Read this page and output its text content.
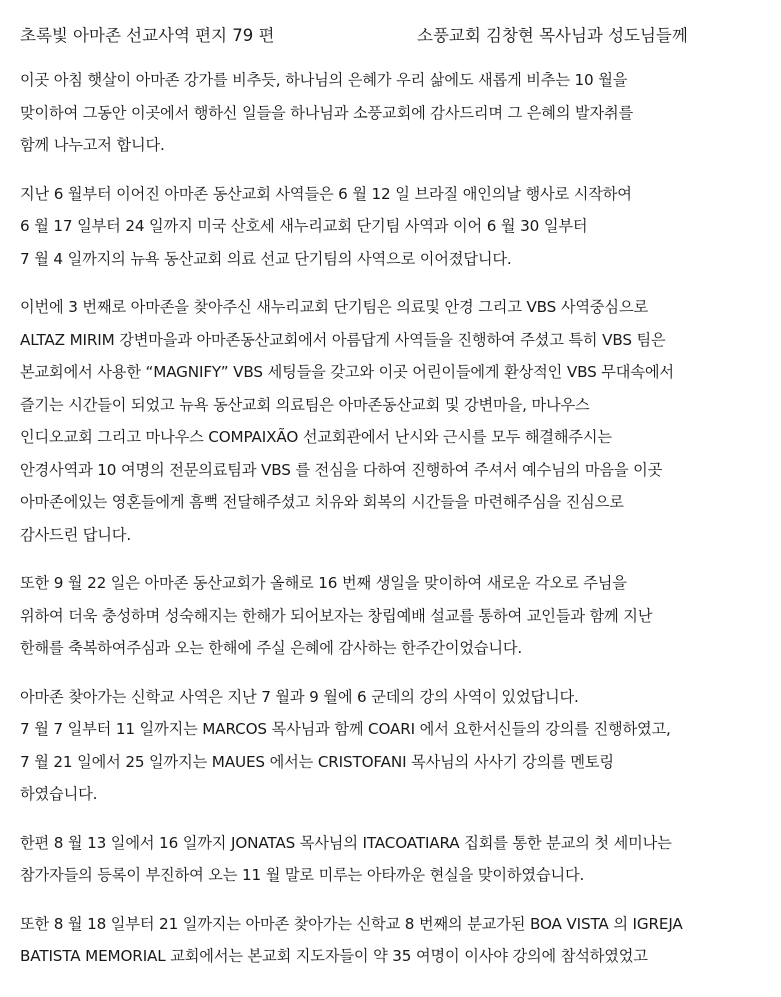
초록빛 아마존 선교사역 편지 79 편	소풍교회 김창현 목사님과 성도님들께
이곳 아침 햇살이 아마존 강가를 비추듯, 하나님의 은혜가 우리 삶에도 새롭게 비추는 10 월을
맞이하여 그동안 이곳에서 행하신 일들을 하나님과 소풍교회에 감사드리며 그 은혜의 발자취를
함께 나누고저 합니다.
지난 6 월부터 이어진 아마존 동산교회 사역들은 6 월 12 일 브라질 애인의날 행사로 시작하여
6 월 17 일부터 24 일까지 미국 산호세 새누리교회 단기팀 사역과 이어 6 월 30 일부터
7 월 4 일까지의 뉴욕 동산교회 의료 선교 단기팀의 사역으로 이어졌답니다.
이번에 3 번째로 아마존을 찾아주신 새누리교회 단기팀은 의료및 안경 그리고 VBS 사역중심으로
ALTAZ MIRIM 강변마을과 아마존동산교회에서 아름답게 사역들을 진행하여 주셨고 특히 VBS 팀은
본교회에서 사용한 “MAGNIFY” VBS 세팅들을 갖고와 이곳 어린이들에게 환상적인 VBS 무대속에서
즐기는 시간들이 되었고 뉴욕 동산교회 의료팀은 아마존동산교회 및 강변마을, 마나우스
인디오교회 그리고 마나우스 COMPAIXÃO 선교회관에서 난시와 근시를 모두 해결해주시는
안경사역과 10 여명의 전문의료팀과 VBS 를 전심을 다하여 진행하여 주셔서 예수님의 마음을 이곳
아마존에있는 영혼들에게 흠뻑 전달해주셨고 치유와 회복의 시간들을 마련해주심을 진심으로
감사드린 답니다.
또한 9 월 22 일은 아마존 동산교회가 올해로 16 번째 생일을 맞이하여 새로운 각오로 주님을
위하여 더욱 충성하며 성숙해지는 한해가 되어보자는 창립예배 설교를 통하여 교인들과 함께 지난
한해를 축복하여주심과 오는 한해에 주실 은혜에 감사하는 한주간이었습니다.
아마존 찾아가는 신학교 사역은 지난 7 월과 9 월에 6 군데의 강의 사역이 있었답니다.
7 월 7 일부터 11 일까지는 MARCOS 목사님과 함께 COARI 에서 요한서신들의 강의를 진행하였고,
7 월 21 일에서 25 일까지는 MAUES 에서는 CRISTOFANI 목사님의 사사기 강의를 멘토링
하였습니다.
한편 8 월 13 일에서 16 일까지 JONATAS 목사님의 ITACOATIARA 집회를 통한 분교의 첫 세미나는
참가자들의 등록이 부진하여 오는 11 월 말로 미루는 아타까운 현실을 맞이하였습니다.
또한 8 월 18 일부터 21 일까지는 아마존 찾아가는 신학교 8 번째의 분교가된 BOA VISTA 의 IGREJA
BATISTA MEMORIAL 교회에서는 본교회 지도자들이 약 35 여명이 이사야 강의에 참석하였었고
